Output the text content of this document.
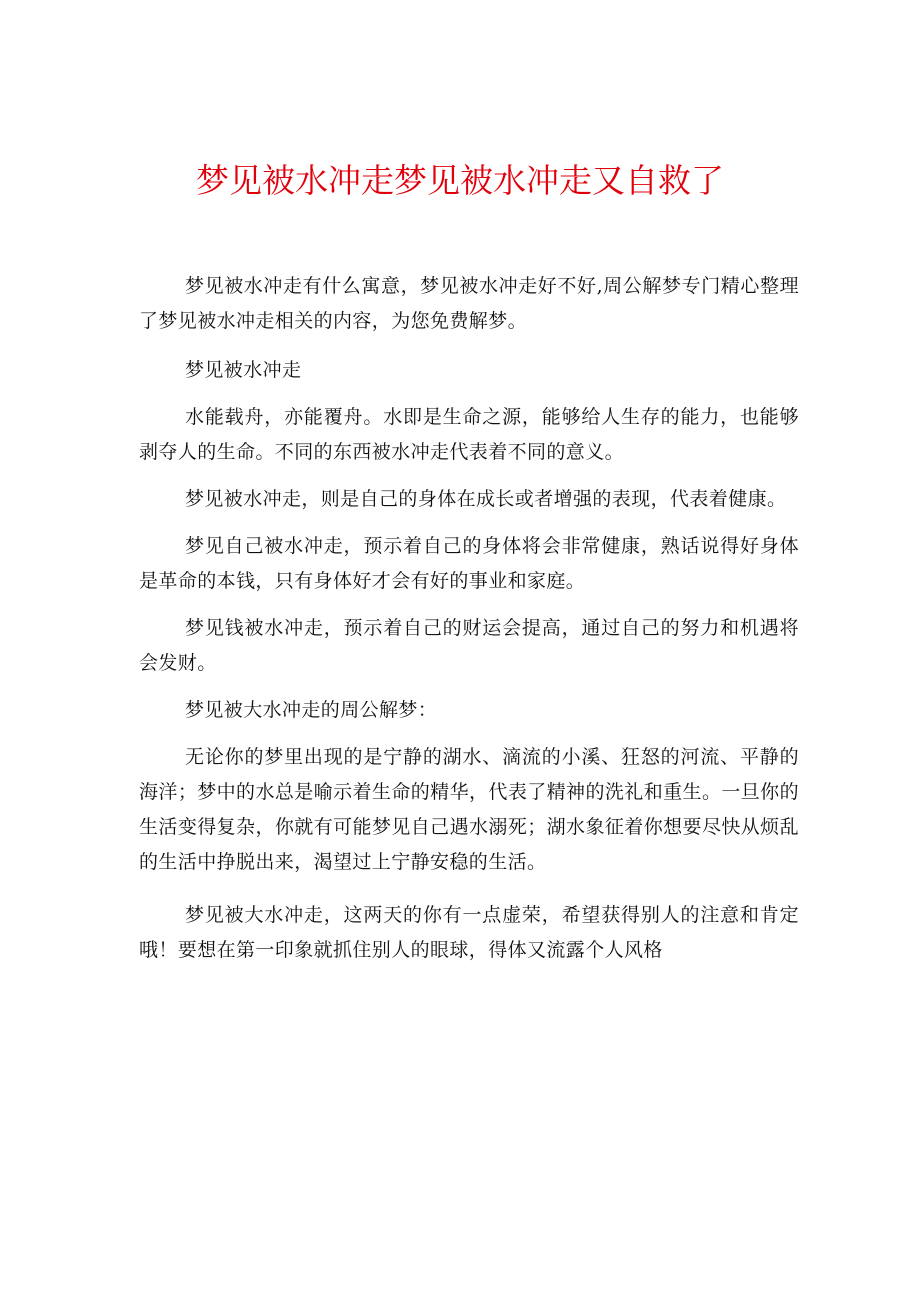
梦见被水冲走梦见被水冲走又自救了

梦见被水冲走有什么寓意，梦见被水冲走好不好,周公解梦专门精心整理了梦见被水冲走相关的内容，为您免费解梦。

梦见被水冲走

水能载舟，亦能覆舟。水即是生命之源，能够给人生存的能力，也能够剥夺人的生命。不同的东西被水冲走代表着不同的意义。

梦见被水冲走，则是自己的身体在成长或者增强的表现，代表着健康。

梦见自己被水冲走，预示着自己的身体将会非常健康，熟话说得好身体是革命的本钱，只有身体好才会有好的事业和家庭。

梦见钱被水冲走，预示着自己的财运会提高，通过自己的努力和机遇将会发财。

梦见被大水冲走的周公解梦：

无论你的梦里出现的是宁静的湖水、滴流的小溪、狂怒的河流、平静的海洋；梦中的水总是喻示着生命的精华，代表了精神的洗礼和重生。一旦你的生活变得复杂，你就有可能梦见自己遇水溺死；湖水象征着你想要尽快从烦乱的生活中挣脱出来，渴望过上宁静安稳的生活。

梦见被大水冲走，这两天的你有一点虚荣，希望获得别人的注意和肯定哦！要想在第一印象就抓住别人的眼球，得体又流露个人风格
